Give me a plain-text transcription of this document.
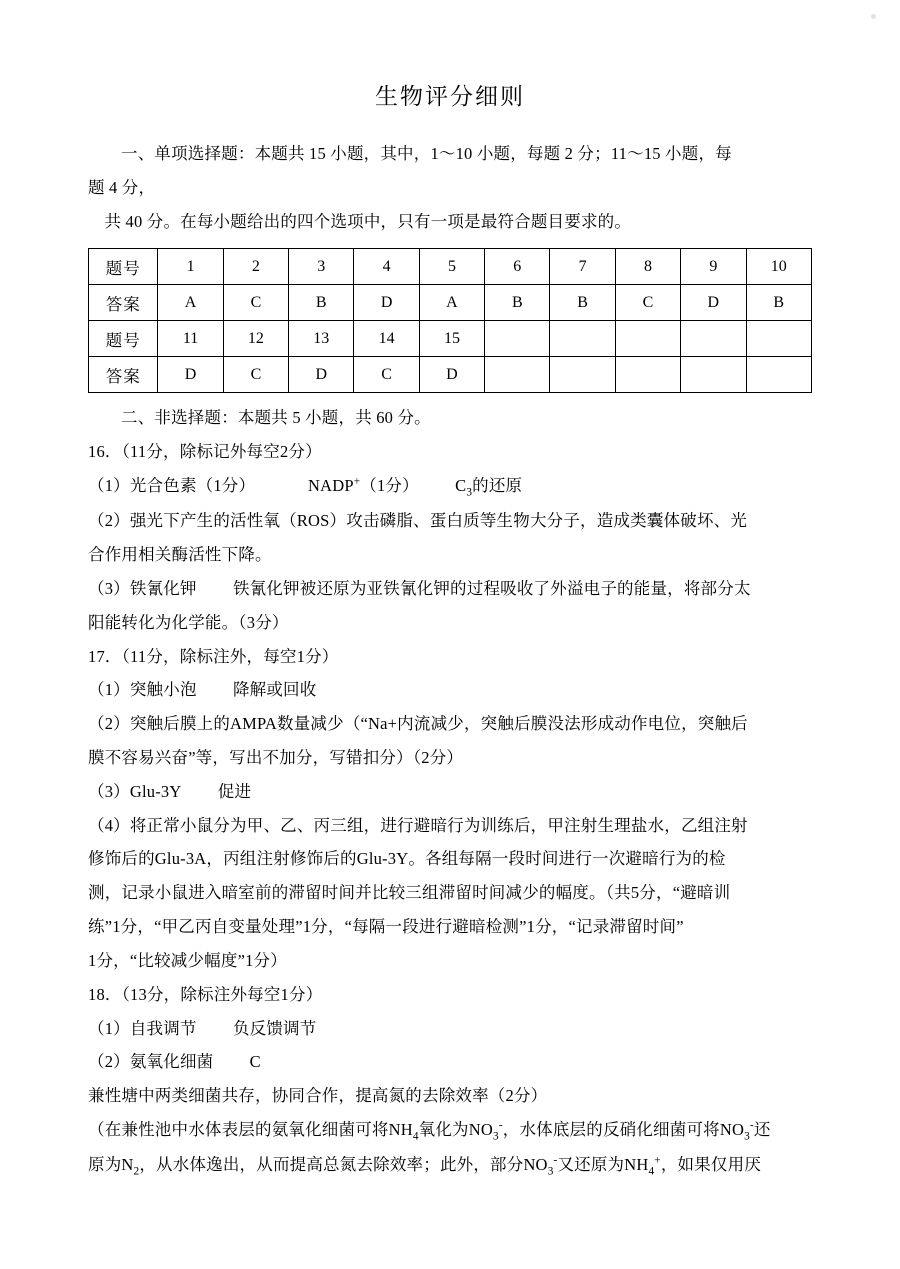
生物评分细则

一、单项选择题：本题共 15 小题，其中，1～10 小题，每题 2 分；11～15 小题，每

题 4 分，

共 40 分。在每小题给出的四个选项中，只有一项是最符合题目要求的。

题号	1	2	3	4	5	6	7	8	9	10
答案	A	C	B	D	A	B	B	C	D	B
题号	11	12	13	14	15					
答案	D	C	D	C	D					

二、非选择题：本题共 5 小题，共 60 分。

16．（11分，除标记外每空2分）

（1）光合色素（1分）	NADP+（1分） $C_3$的还原

（2）强光下产生的活性氧（ROS）攻击磷脂、蛋白质等生物大分子，造成类囊体破坏、光

合作用相关酶活性下降。

（3）铁氰化钾 铁氰化钾被还原为亚铁氰化钾的过程吸收了外溢电子的能量，将部分太

阳能转化为化学能。（3分）

17．（11分，除标注外，每空1分）

（1）突触小泡 降解或回收

（2）突触后膜上的AMPA数量减少（“Na+内流减少，突触后膜没法形成动作电位，突触后

膜不容易兴奋”等，写出不加分，写错扣分）（2分）

（3）Glu-3Y 促进

（4）将正常小鼠分为甲、乙、丙三组，进行避暗行为训练后，甲注射生理盐水，乙组注射

修饰后的Glu-3A，丙组注射修饰后的Glu-3Y。各组每隔一段时间进行一次避暗行为的检

测，记录小鼠进入暗室前的滞留时间并比较三组滞留时间减少的幅度。（共5分，“避暗训

练”1分，“甲乙丙自变量处理”1分，“每隔一段进行避暗检测”1分，“记录滞留时间”

1分，“比较减少幅度”1分）

18．（13分，除标注外每空1分）

（1）自我调节 负反馈调节

（2）氨氧化细菌 C

兼性塘中两类细菌共存，协同合作，提高氮的去除效率（2分）

（在兼性池中水体表层的氨氧化细菌可将$NH_4$氧化为$NO_3^-$，水体底层的反硝化细菌可将$NO_3^-$还

原为$N_2$，从水体逸出，从而提高总氮去除效率；此外，部分$NO_3^-$又还原为$NH_4^+$，如果仅用厌
